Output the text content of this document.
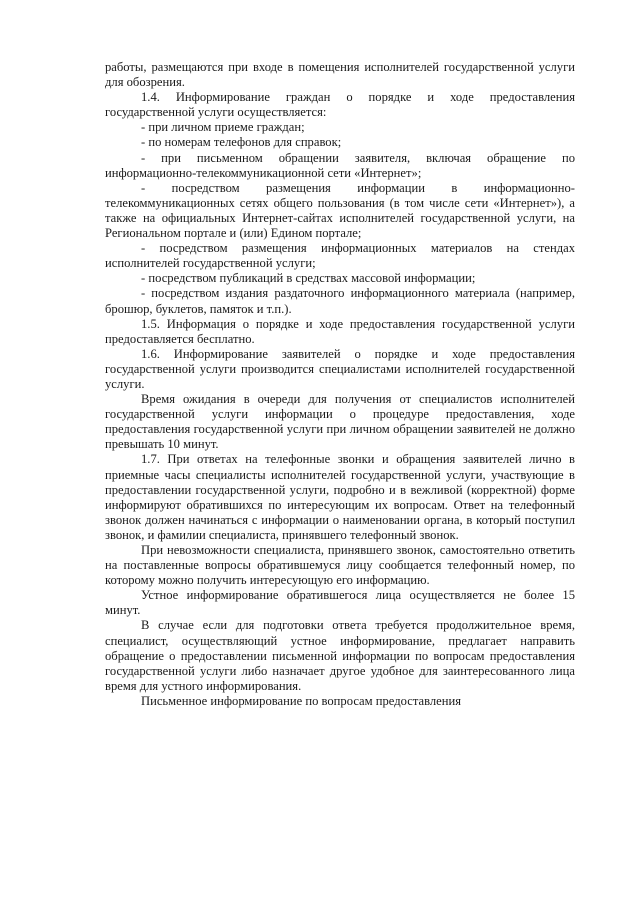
работы, размещаются при входе в помещения исполнителей государственной услуги для обозрения.

1.4. Информирование граждан о порядке и ходе предоставления государственной услуги осуществляется:

- при личном приеме граждан;

- по номерам телефонов для справок;

- при письменном обращении заявителя, включая обращение по информационно-телекоммуникационной сети «Интернет»;

- посредством размещения информации в информационно-телекоммуникационных сетях общего пользования (в том числе сети «Интернет»), а также на официальных Интернет-сайтах исполнителей государственной услуги, на Региональном портале и (или) Едином портале;

- посредством размещения информационных материалов на стендах исполнителей государственной услуги;

- посредством публикаций в средствах массовой информации;

- посредством издания раздаточного информационного материала (например, брошюр, буклетов, памяток и т.п.).

1.5. Информация о порядке и ходе предоставления государственной услуги предоставляется бесплатно.

1.6. Информирование заявителей о порядке и ходе предоставления государственной услуги производится специалистами исполнителей государственной услуги.

Время ожидания в очереди для получения от специалистов исполнителей государственной услуги информации о процедуре предоставления, ходе предоставления государственной услуги при личном обращении заявителей не должно превышать 10 минут.

1.7. При ответах на телефонные звонки и обращения заявителей лично в приемные часы специалисты исполнителей государственной услуги, участвующие в предоставлении государственной услуги, подробно и в вежливой (корректной) форме информируют обратившихся по интересующим их вопросам. Ответ на телефонный звонок должен начинаться с информации о наименовании органа, в который поступил звонок, и фамилии специалиста, принявшего телефонный звонок.

При невозможности специалиста, принявшего звонок, самостоятельно ответить на поставленные вопросы обратившемуся лицу сообщается телефонный номер, по которому можно получить интересующую его информацию.

Устное информирование обратившегося лица осуществляется не более 15 минут.

В случае если для подготовки ответа требуется продолжительное время, специалист, осуществляющий устное информирование, предлагает направить обращение о предоставлении письменной информации по вопросам предоставления государственной услуги либо назначает другое удобное для заинтересованного лица время для устного информирования.

Письменное информирование по вопросам предоставления
